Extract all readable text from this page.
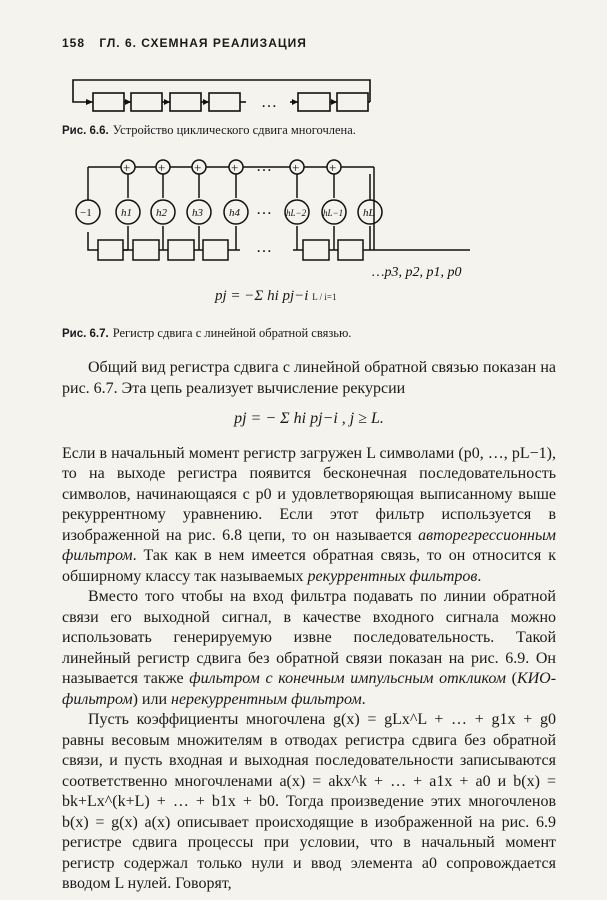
158 ГЛ. 6. СХЕМНАЯ РЕАЛИЗАЦИЯ
…
Рис. 6.6. Устройство циклического сдвига многочлена.
+ + + +	+ +
−1	h1 h2 h3 h4	hL−2 hL−1 hL
…
…
…
…p3, p2, p1, p0
pj = −Σ hi pj−i L / i=1
Рис. 6.7. Регистр сдвига с линейной обратной связью.

Общий вид регистра сдвига с линейной обратной связью показан на рис. 6.7. Эта цепь реализует вычисление рекурсии

pj = − Σ hi pj−i , j ≥ L.

Если в начальный момент регистр загружен L символами (p0, …, pL−1), то на выходе регистра появится бесконечная последовательность символов, начинающаяся с p0 и удовлетворяющая выписанному выше рекуррентному уравнению. Если этот фильтр используется в изображенной на рис. 6.8 цепи, то он называется авторегрессионным фильтром. Так как в нем имеется обратная связь, то он относится к обширному классу так называемых рекуррентных фильтров.

Вместо того чтобы на вход фильтра подавать по линии обратной связи его выходной сигнал, в качестве входного сигнала можно использовать генерируемую извне последовательность. Такой линейный регистр сдвига без обратной связи показан на рис. 6.9. Он называется также фильтром с конечным импульсным откликом (КИО-фильтром) или нерекуррентным фильтром.

Пусть коэффициенты многочлена g(x) = gLx^L + … + g1x + g0 равны весовым множителям в отводах регистра сдвига без обратной связи, и пусть входная и выходная последовательности записываются соответственно многочленами a(x) = akx^k + … + a1x + a0 и b(x) = bk+Lx^(k+L) + … + b1x + b0. Тогда произведение этих многочленов b(x) = g(x) a(x) описывает происходящие в изображенной на рис. 6.9 регистре сдвига процессы при условии, что в начальный момент регистр содержал только нули и ввод элемента a0 сопровождается вводом L нулей. Говорят,
